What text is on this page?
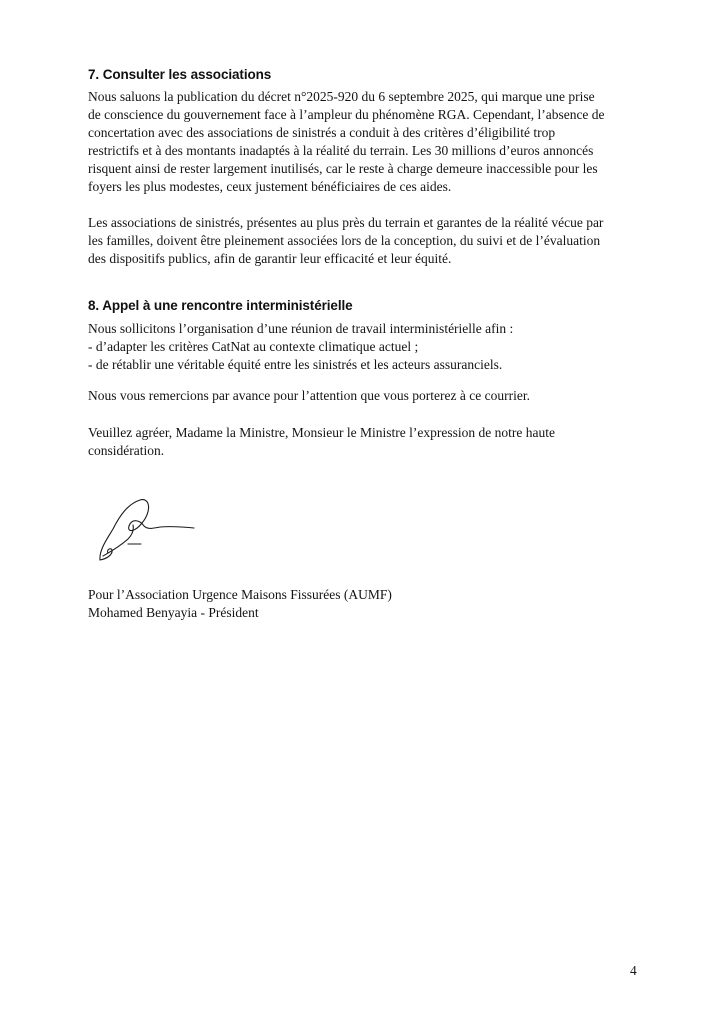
7. Consulter les associations
Nous saluons la publication du décret n°2025-920 du 6 septembre 2025, qui marque une prise
de conscience du gouvernement face à l’ampleur du phénomène RGA. Cependant, l’absence de
concertation avec des associations de sinistrés a conduit à des critères d’éligibilité trop
restrictifs et à des montants inadaptés à la réalité du terrain. Les 30 millions d’euros annoncés
risquent ainsi de rester largement inutilisés, car le reste à charge demeure inaccessible pour les
foyers les plus modestes, ceux justement bénéficiaires de ces aides.
Les associations de sinistrés, présentes au plus près du terrain et garantes de la réalité vécue par
les familles, doivent être pleinement associées lors de la conception, du suivi et de l’évaluation
des dispositifs publics, afin de garantir leur efficacité et leur équité.
8. Appel à une rencontre interministérielle
Nous sollicitons l’organisation d’une réunion de travail interministérielle afin :
- d’adapter les critères CatNat au contexte climatique actuel ;
- de rétablir une véritable équité entre les sinistrés et les acteurs assuranciels.
Nous vous remercions par avance pour l’attention que vous porterez à ce courrier.
Veuillez agréer, Madame la Ministre, Monsieur le Ministre l’expression de notre haute
considération.
Pour l’Association Urgence Maisons Fissurées (AUMF)
Mohamed Benyayia - Président
4
